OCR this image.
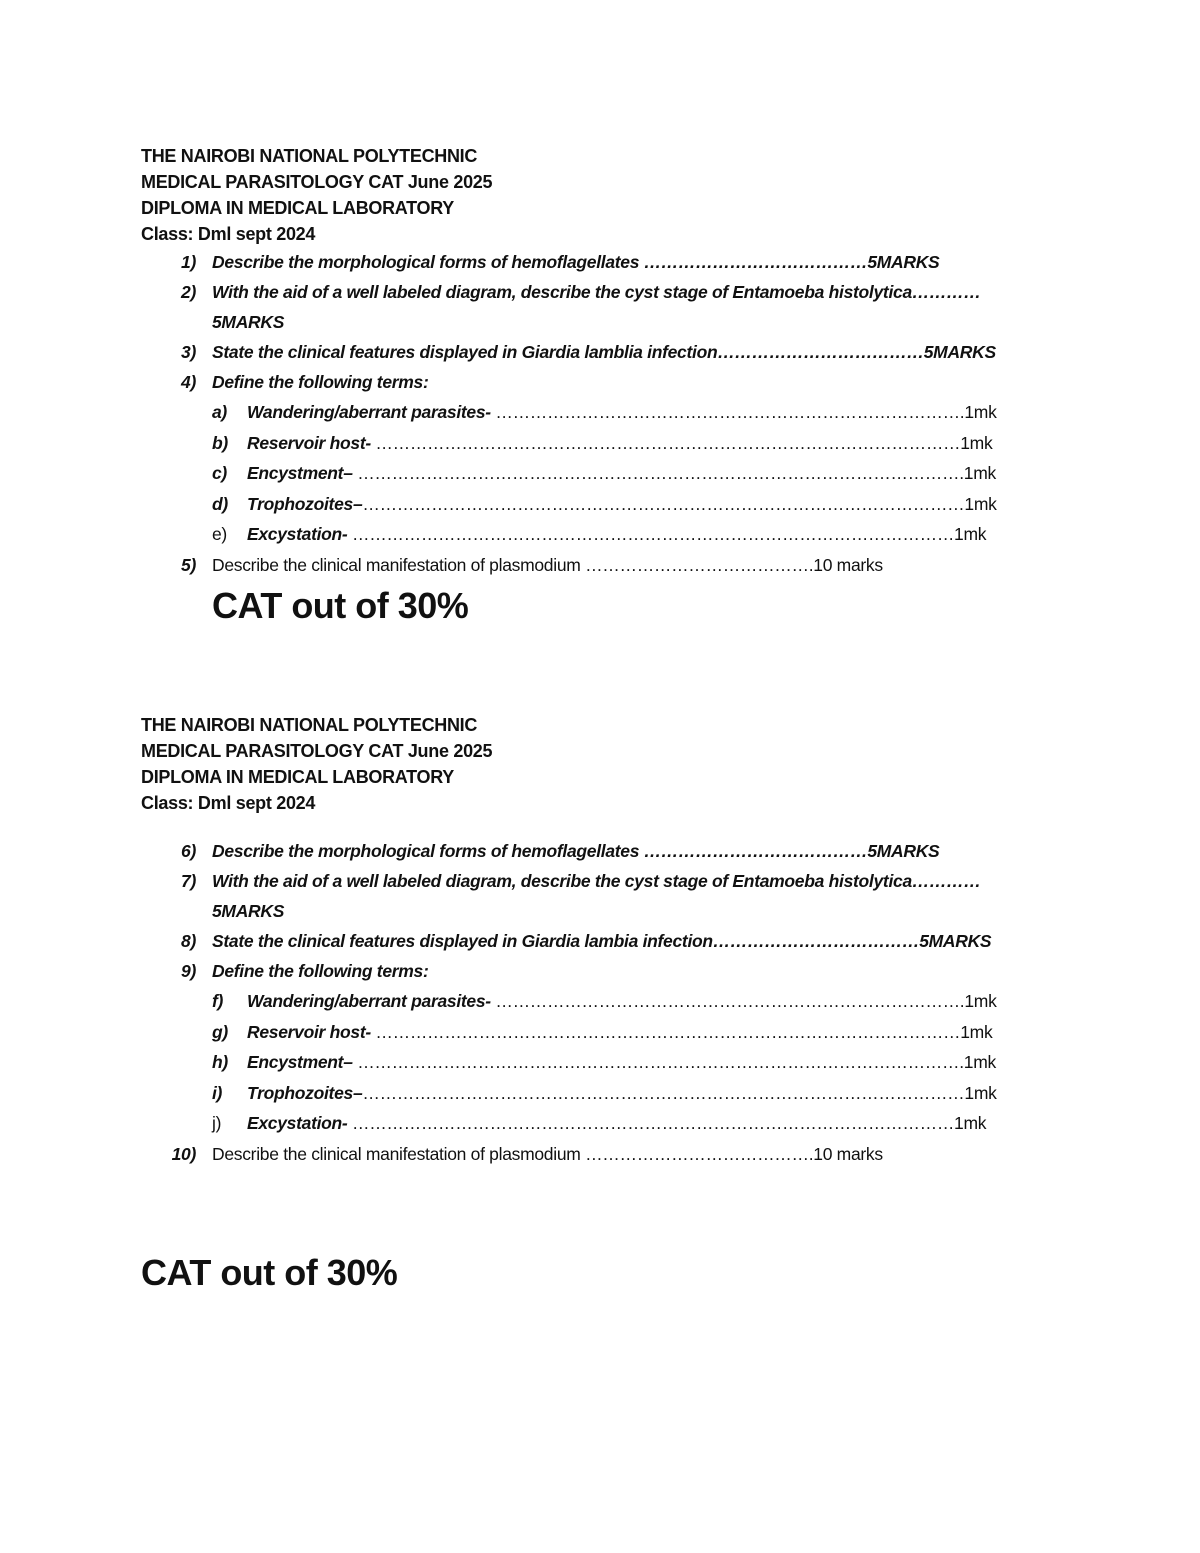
THE NAIROBI NATIONAL POLYTECHNIC
MEDICAL PARASITOLOGY CAT June 2025
DIPLOMA IN MEDICAL LABORATORY
Class: Dml sept 2024
1) Describe the morphological forms of hemoflagellates …………………………………5MARKS
2) With the aid of a well labeled diagram, describe the cyst stage of Entamoeba histolytica…………
5MARKS
3) State the clinical features displayed in Giardia lamblia infection………………………………5MARKS
4) Define the following terms:
a) Wandering/aberrant parasites- ……………………………………………………………………….1mk
b) Reservoir host- …………………………………………………………………………………………1mk
c) Encystment– …………………………………………………………………………………………….1mk
d) Trophozoites–……………………………………………………………………………………………1mk
e) Excystation- ……………………………………………………………………………………………1mk
5) Describe the clinical manifestation of plasmodium ………………………………….10 marks
CAT out of 30%
THE NAIROBI NATIONAL POLYTECHNIC
MEDICAL PARASITOLOGY CAT June 2025
DIPLOMA IN MEDICAL LABORATORY
Class: Dml sept 2024
6) Describe the morphological forms of hemoflagellates …………………………………5MARKS
7) With the aid of a well labeled diagram, describe the cyst stage of Entamoeba histolytica…………
5MARKS
8) State the clinical features displayed in Giardia lambia infection………………………………5MARKS
9) Define the following terms:
f) Wandering/aberrant parasites- ……………………………………………………………………….1mk
g) Reservoir host- …………………………………………………………………………………………1mk
h) Encystment– …………………………………………………………………………………………….1mk
i) Trophozoites–……………………………………………………………………………………………1mk
j) Excystation- ……………………………………………………………………………………………1mk
10) Describe the clinical manifestation of plasmodium ………………………………….10 marks
CAT out of 30%
